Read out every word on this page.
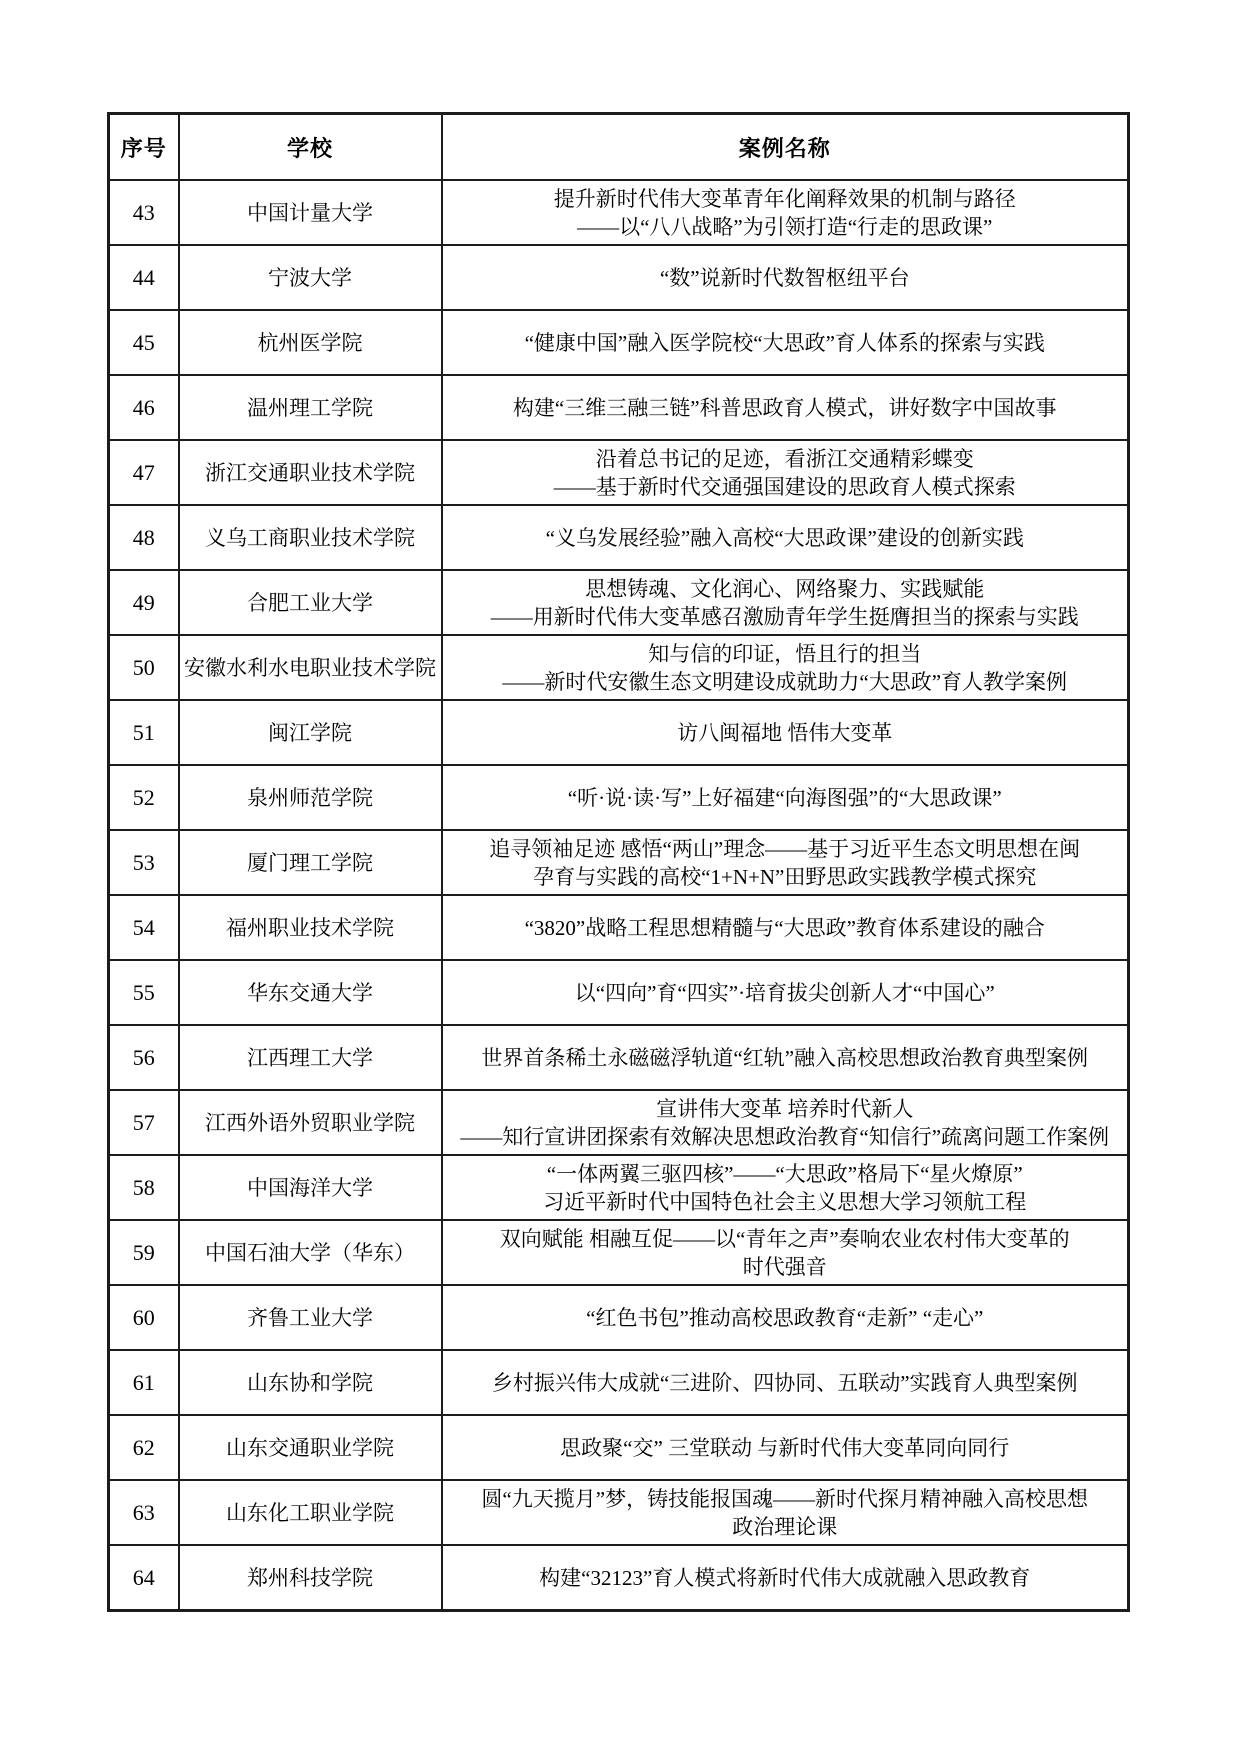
序号	学校	案例名称
43	中国计量大学	提升新时代伟大变革青年化阐释效果的机制与路径
——以“八八战略”为引领打造“行走的思政课”

44	宁波大学	“数”说新时代数智枢纽平台

45	杭州医学院	“健康中国”融入医学院校“大思政”育人体系的探索与实践

46	温州理工学院	构建“三维三融三链”科普思政育人模式，讲好数字中国故事

47	浙江交通职业技术学院	沿着总书记的足迹，看浙江交通精彩蝶变
——基于新时代交通强国建设的思政育人模式探索

48	义乌工商职业技术学院	“义乌发展经验”融入高校“大思政课”建设的创新实践

49	合肥工业大学	思想铸魂、文化润心、网络聚力、实践赋能
——用新时代伟大变革感召激励青年学生挺膺担当的探索与实践

50	安徽水利水电职业技术学院	知与信的印证，悟且行的担当
——新时代安徽生态文明建设成就助力“大思政”育人教学案例

51	闽江学院	访八闽福地 悟伟大变革

52	泉州师范学院	“听·说·读·写”上好福建“向海图强”的“大思政课”

53	厦门理工学院	追寻领袖足迹 感悟“两山”理念——基于习近平生态文明思想在闽
孕育与实践的高校“1+N+N”田野思政实践教学模式探究

54	福州职业技术学院	“3820”战略工程思想精髓与“大思政”教育体系建设的融合

55	华东交通大学	以“四向”育“四实”·培育拔尖创新人才“中国心”

56	江西理工大学	世界首条稀土永磁磁浮轨道“红轨”融入高校思想政治教育典型案例

57	江西外语外贸职业学院	宣讲伟大变革 培养时代新人
——知行宣讲团探索有效解决思想政治教育“知信行”疏离问题工作案例

58	中国海洋大学	“一体两翼三驱四核”——“大思政”格局下“星火燎原”
习近平新时代中国特色社会主义思想大学习领航工程

59	中国石油大学（华东）	双向赋能 相融互促——以“青年之声”奏响农业农村伟大变革的
时代强音

60	齐鲁工业大学	“红色书包”推动高校思政教育“走新” “走心”

61	山东协和学院	乡村振兴伟大成就“三进阶、四协同、五联动”实践育人典型案例

62	山东交通职业学院	思政聚“交” 三堂联动 与新时代伟大变革同向同行

63	山东化工职业学院	圆“九天揽月”梦，铸技能报国魂——新时代探月精神融入高校思想
政治理论课

64	郑州科技学院	构建“32123”育人模式将新时代伟大成就融入思政教育
